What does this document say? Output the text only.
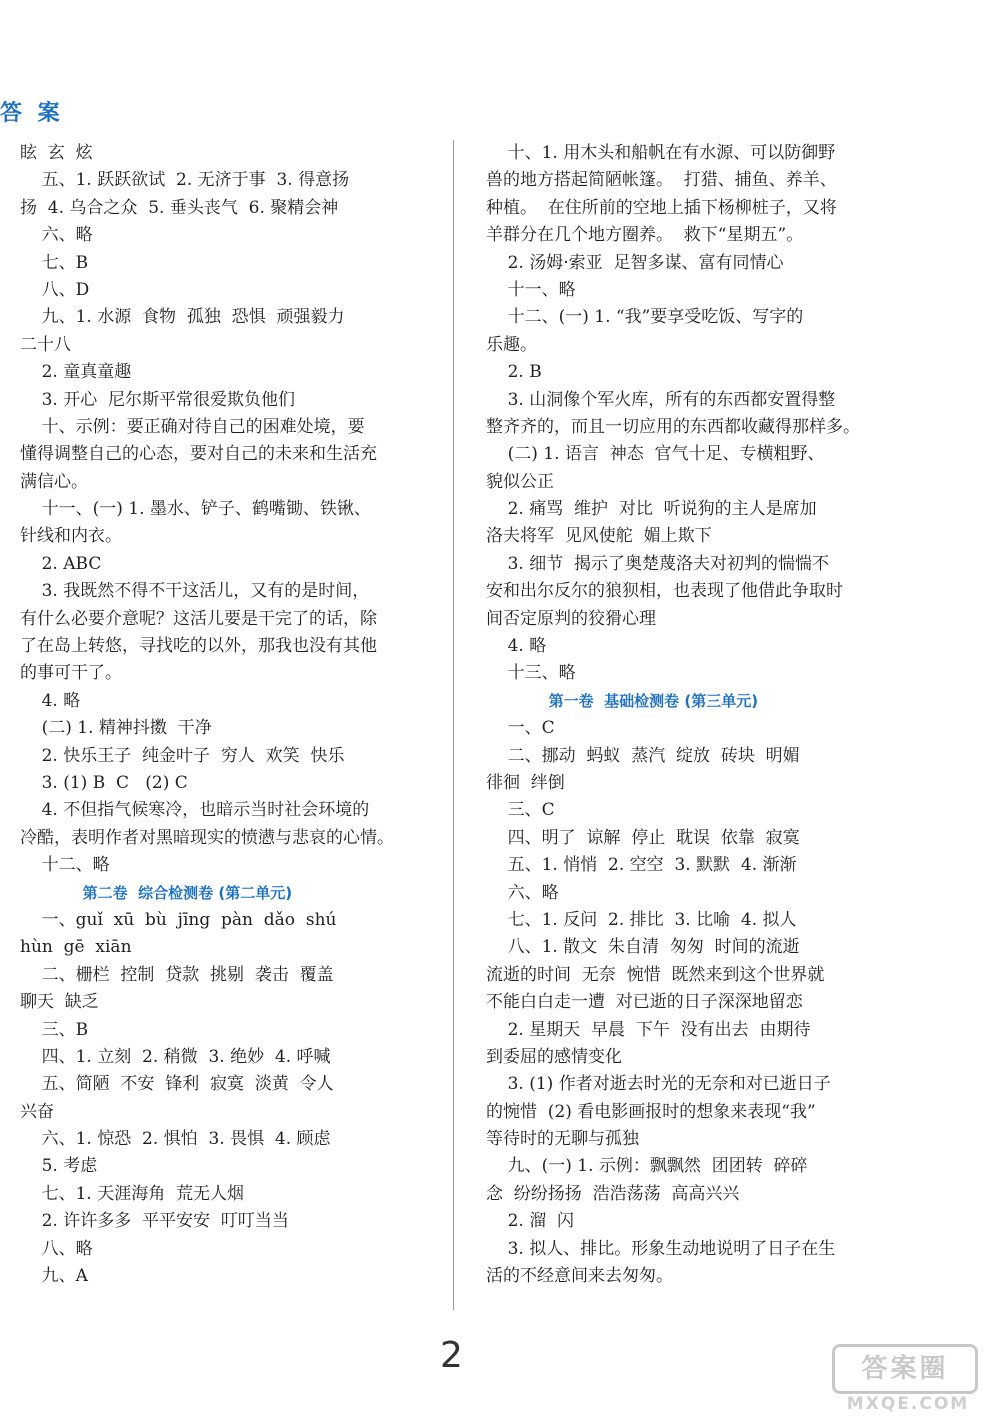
答 案
眩  玄  炫
五、1. 跃跃欲试  2. 无济于事  3. 得意扬
扬  4. 乌合之众  5. 垂头丧气  6. 聚精会神
六、略
七、B
八、D
九、1. 水源  食物  孤独  恐惧  顽强毅力
二十八
2. 童真童趣
3. 开心  尼尔斯平常很爱欺负他们
十、示例：要正确对待自己的困难处境，要
懂得调整自己的心态，要对自己的未来和生活充
满信心。
十一、(一) 1. 墨水、铲子、鹤嘴锄、铁锹、
针线和内衣。
2. ABC
3. 我既然不得不干这活儿，又有的是时间，
有什么必要介意呢？这活儿要是干完了的话，除
了在岛上转悠，寻找吃的以外，那我也没有其他
的事可干了。
4. 略
(二) 1. 精神抖擞  干净
2. 快乐王子  纯金叶子  穷人  欢笑  快乐
3. (1) B  C   (2) C
4. 不但指气候寒冷，也暗示当时社会环境的
冷酷，表明作者对黑暗现实的愤懑与悲哀的心情。
十二、略
第二卷  综合检测卷 (第二单元)
一、guǐ  xū  bù  jīng  pàn  dǎo  shú
hùn  gē  xiān
二、栅栏  控制  贷款  挑剔  袭击  覆盖
聊天  缺乏
三、B
四、1. 立刻  2. 稍微  3. 绝妙  4. 呼喊
五、简陋  不安  锋利  寂寞  淡黄  令人
兴奋
六、1. 惊恐  2. 惧怕  3. 畏惧  4. 顾虑
5. 考虑
七、1. 天涯海角  荒无人烟
2. 许许多多  平平安安  叮叮当当
八、略
九、A
十、1. 用木头和船帆在有水源、可以防御野
兽的地方搭起简陋帐篷。  打猎、捕鱼、养羊、
种植。  在住所前的空地上插下杨柳桩子，又将
羊群分在几个地方圈养。  救下“星期五”。
2. 汤姆·索亚  足智多谋、富有同情心
十一、略
十二、(一) 1. “我”要享受吃饭、写字的
乐趣。
2. B
3. 山洞像个军火库，所有的东西都安置得整
整齐齐的，而且一切应用的东西都收藏得那样多。
(二) 1. 语言  神态  官气十足、专横粗野、
貌似公正
2. 痛骂  维护  对比  听说狗的主人是席加
洛夫将军  见风使舵  媚上欺下
3. 细节  揭示了奥楚蔑洛夫对初判的惴惴不
安和出尔反尔的狼狈相，也表现了他借此争取时
间否定原判的狡猾心理
4. 略
十三、略
第一卷  基础检测卷 (第三单元)
一、C
二、挪动  蚂蚁  蒸汽  绽放  砖块  明媚
徘徊  绊倒
三、C
四、明了  谅解  停止  耽误  依靠  寂寞
五、1. 悄悄  2. 空空  3. 默默  4. 渐渐
六、略
七、1. 反问  2. 排比  3. 比喻  4. 拟人
八、1. 散文  朱自清  匆匆  时间的流逝
流逝的时间  无奈  惋惜  既然来到这个世界就
不能白白走一遭  对已逝的日子深深地留恋
2. 星期天  早晨  下午  没有出去  由期待
到委屈的感情变化
3. (1) 作者对逝去时光的无奈和对已逝日子
的惋惜  (2) 看电影画报时的想象来表现“我”
等待时的无聊与孤独
九、(一) 1. 示例：飘飘然  团团转  碎碎
念  纷纷扬扬  浩浩荡荡  高高兴兴
2. 溜  闪
3. 拟人、排比。形象生动地说明了日子在生
活的不经意间来去匆匆。
2	答案圈
MXQE.COM
